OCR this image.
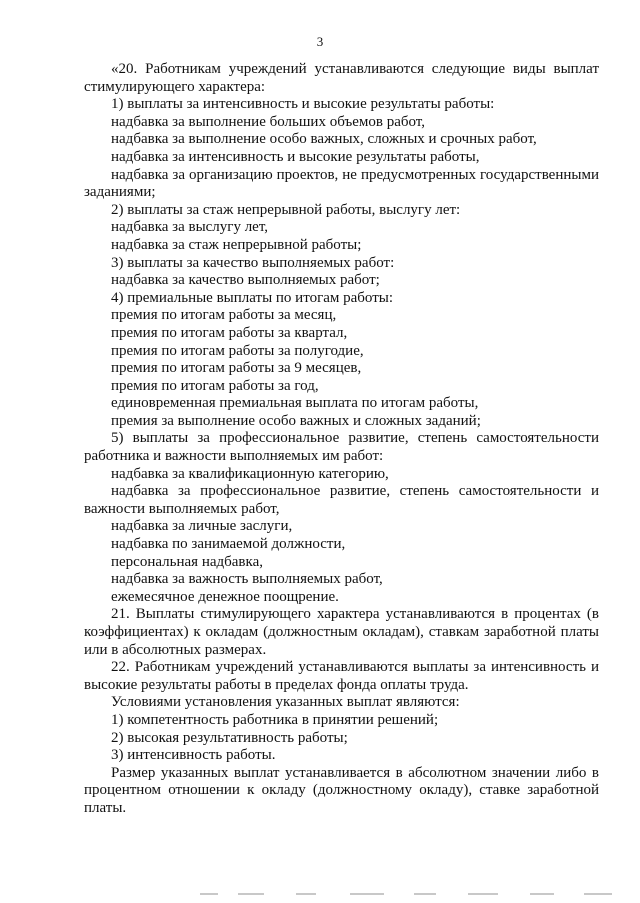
3

«20. Работникам учреждений устанавливаются следующие виды выплат стимулирующего характера:

1) выплаты за интенсивность и высокие результаты работы:

надбавка за выполнение больших объемов работ,

надбавка за выполнение особо важных, сложных и срочных работ,

надбавка за интенсивность и высокие результаты работы,

надбавка за организацию проектов, не предусмотренных государственными заданиями;

2) выплаты за стаж непрерывной работы, выслугу лет:

надбавка за выслугу лет,

надбавка за стаж непрерывной работы;

3) выплаты за качество выполняемых работ:

надбавка за качество выполняемых работ;

4) премиальные выплаты по итогам работы:

премия по итогам работы за месяц,

премия по итогам работы за квартал,

премия по итогам работы за полугодие,

премия по итогам работы за 9 месяцев,

премия по итогам работы за год,

единовременная премиальная выплата по итогам работы,

премия за выполнение особо важных и сложных заданий;

5) выплаты за профессиональное развитие, степень самостоятельности работника и важности выполняемых им работ:

надбавка за квалификационную категорию,

надбавка за профессиональное развитие, степень самостоятельности и важности выполняемых работ,

надбавка за личные заслуги,

надбавка по занимаемой должности,

персональная надбавка,

надбавка за важность выполняемых работ,

ежемесячное денежное поощрение.

21. Выплаты стимулирующего характера устанавливаются в процентах (в коэффициентах) к окладам (должностным окладам), ставкам заработной платы или в абсолютных размерах.

22. Работникам учреждений устанавливаются выплаты за интенсивность и высокие результаты работы в пределах фонда оплаты труда.

Условиями установления указанных выплат являются:

1) компетентность работника в принятии решений;

2) высокая результативность работы;

3) интенсивность работы.

Размер указанных выплат устанавливается в абсолютном значении либо в процентном отношении к окладу (должностному окладу), ставке заработной платы.
